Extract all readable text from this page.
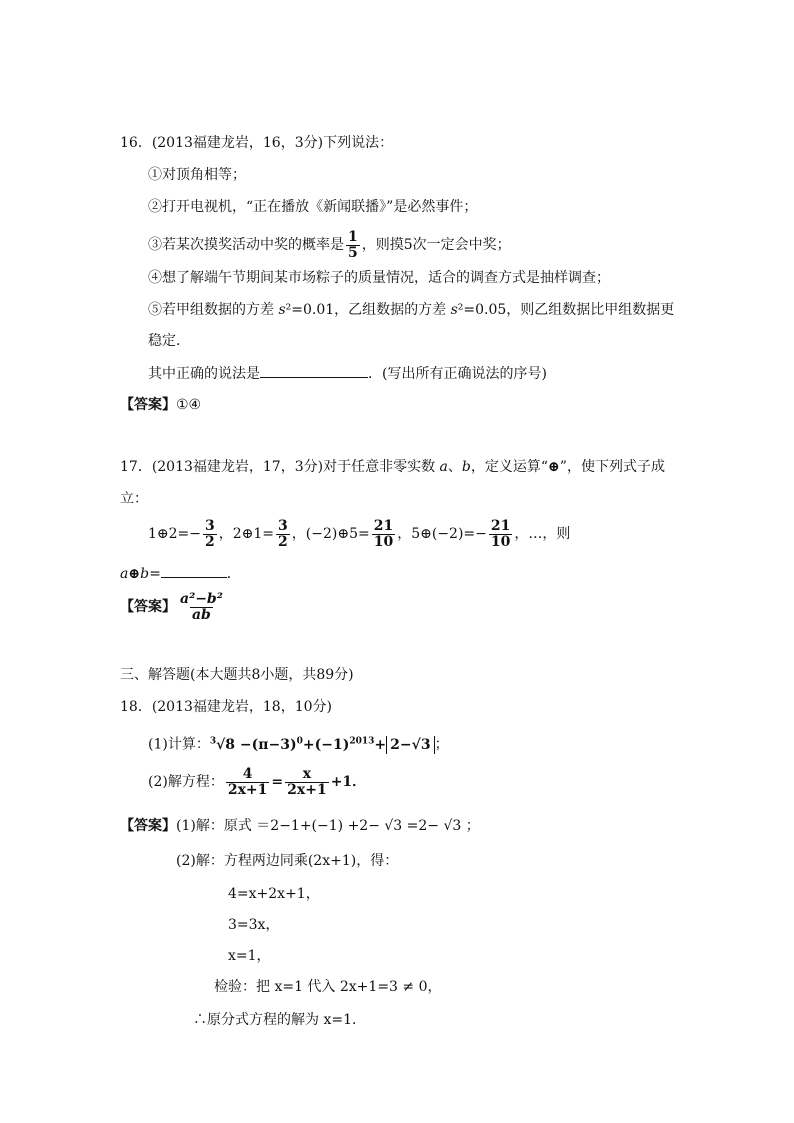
16．(2013福建龙岩，16，3分)下列说法：
①对顶角相等；
②打开电视机，“正在播放《新闻联播》”是必然事件；
③若某次摸奖活动中奖的概率是 $\frac{1}{5}$ ，则摸5次一定会中奖；
④想了解端午节期间某市场粽子的质量情况，适合的调查方式是抽样调查；
⑤若甲组数据的方差 s²=0.01，乙组数据的方差 s²=0.05，则乙组数据比甲组数据更
稳定．
其中正确的说法是	．(写出所有正确说法的序号)
【答案】①④
17．(2013福建龙岩，17，3分)对于任意非零实数 a、b，定义运算“⊕”，使下列式子成
立：
1⊕2=− $\frac{3}{2}$ ，2⊕1= $\frac{3}{2}$ ，(−2)⊕5= $\frac{21}{10}$ ，5⊕(−2)=− $\frac{21}{10}$ ，…，则
a⊕b=	．
【答案】 $\frac{\text{a²−b²}}{ab}$
三、解答题(本大题共8小题，共89分)
18．(2013福建龙岩，18，10分)
(1)计算：$^3√8 -(\pi-3)^0+(-1)^{2013}+ 2-√3$ ；
(2)解方程： $\frac{4}{2x+1} = \frac{x}{2x+1} +1$．
【答案】(1)解：原式 ＝2−1+(−1) +2− √3 =2− √3 ；
(2)解：方程两边同乘(2x+1)，得：
4=x+2x+1，
3=3x，
x=1，
检验：把 x=1 代入 2x+1=3 ≠ 0，
∴原分式方程的解为 x=1．
